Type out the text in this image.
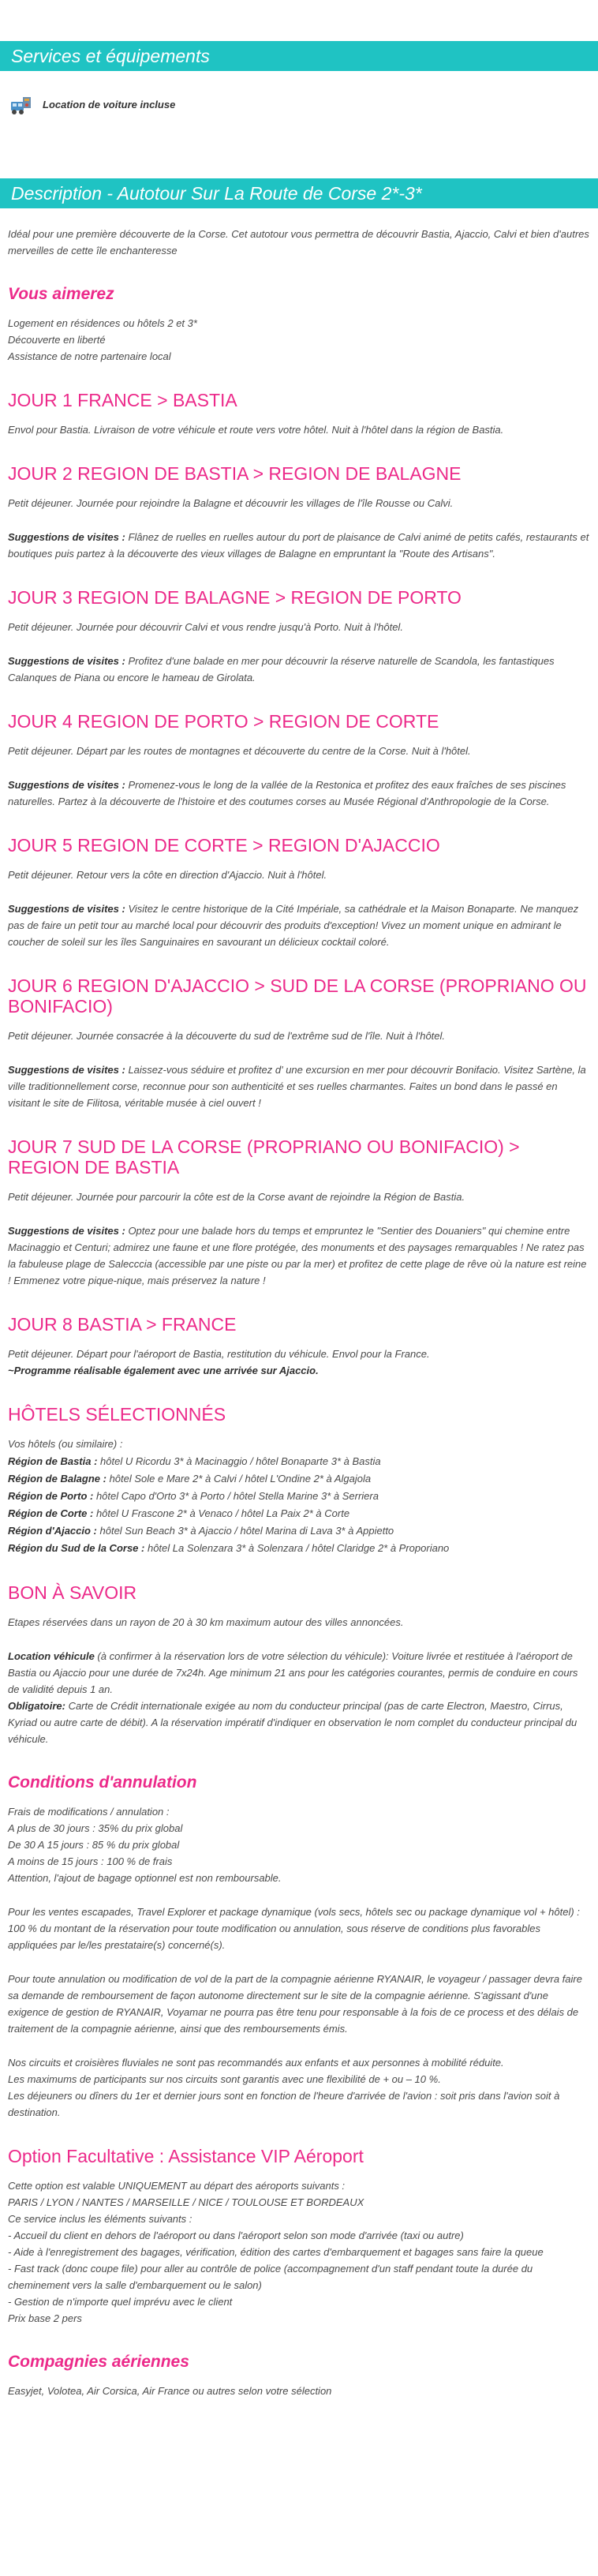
Services et équipements
Location de voiture incluse
Description - Autotour Sur La Route de Corse 2*-3*

Idéal pour une première découverte de la Corse. Cet autotour vous permettra de découvrir Bastia, Ajaccio, Calvi et bien d'autres merveilles de cette île enchanteresse

Vous aimerez

Logement en résidences ou hôtels 2 et 3*

Découverte en liberté

Assistance de notre partenaire local

JOUR 1 FRANCE > BASTIA

Envol pour Bastia. Livraison de votre véhicule et route vers votre hôtel. Nuit à l'hôtel dans la région de Bastia.

JOUR 2 REGION DE BASTIA > REGION DE BALAGNE

Petit déjeuner. Journée pour rejoindre la Balagne et découvrir les villages de l'île Rousse ou Calvi.

Suggestions de visites : Flânez de ruelles en ruelles autour du port de plaisance de Calvi animé de petits cafés, restaurants et boutiques puis partez à la découverte des vieux villages de Balagne en empruntant la "Route des Artisans".

JOUR 3 REGION DE BALAGNE > REGION DE PORTO

Petit déjeuner. Journée pour découvrir Calvi et vous rendre jusqu'à Porto. Nuit à l'hôtel.

Suggestions de visites : Profitez d'une balade en mer pour découvrir la réserve naturelle de Scandola, les fantastiques Calanques de Piana ou encore le hameau de Girolata.

JOUR 4 REGION DE PORTO > REGION DE CORTE

Petit déjeuner. Départ par les routes de montagnes et découverte du centre de la Corse. Nuit à l'hôtel.

Suggestions de visites : Promenez-vous le long de la vallée de la Restonica et profitez des eaux fraîches de ses piscines naturelles. Partez à la découverte de l'histoire et des coutumes corses au Musée Régional d'Anthropologie de la Corse.

JOUR 5 REGION DE CORTE > REGION D'AJACCIO

Petit déjeuner. Retour vers la côte en direction d'Ajaccio. Nuit à l'hôtel.

Suggestions de visites : Visitez le centre historique de la Cité Impériale, sa cathédrale et la Maison Bonaparte. Ne manquez pas de faire un petit tour au marché local pour découvrir des produits d'exception! Vivez un moment unique en admirant le coucher de soleil sur les îles Sanguinaires en savourant un délicieux cocktail coloré.

JOUR 6 REGION D'AJACCIO > SUD DE LA CORSE (PROPRIANO OU BONIFACIO)

Petit déjeuner. Journée consacrée à la découverte du sud de l'extrême sud de l'île. Nuit à l'hôtel.

Suggestions de visites : Laissez-vous séduire et profitez d' une excursion en mer pour découvrir Bonifacio. Visitez Sartène, la ville traditionnellement corse, reconnue pour son authenticité et ses ruelles charmantes. Faites un bond dans le passé en visitant le site de Filitosa, véritable musée à ciel ouvert !

JOUR 7 SUD DE LA CORSE (PROPRIANO OU BONIFACIO) > REGION DE BASTIA

Petit déjeuner. Journée pour parcourir la côte est de la Corse avant de rejoindre la Région de Bastia.

Suggestions de visites : Optez pour une balade hors du temps et empruntez le "Sentier des Douaniers" qui chemine entre Macinaggio et Centuri; admirez une faune et une flore protégée, des monuments et des paysages remarquables ! Ne ratez pas la fabuleuse plage de Salecccia (accessible par une piste ou par la mer) et profitez de cette plage de rêve où la nature est reine ! Emmenez votre pique-nique, mais préservez la nature !

JOUR 8 BASTIA > FRANCE

Petit déjeuner. Départ pour l'aéroport de Bastia, restitution du véhicule. Envol pour la France.

~Programme réalisable également avec une arrivée sur Ajaccio.

HÔTELS SÉLECTIONNÉS

Vos hôtels (ou similaire) :

Région de Bastia : hôtel U Ricordu 3* à Macinaggio / hôtel Bonaparte 3* à Bastia

Région de Balagne : hôtel Sole e Mare 2* à Calvi / hôtel L'Ondine 2* à Algajola

Région de Porto : hôtel Capo d'Orto 3* à Porto / hôtel Stella Marine 3* à Serriera

Région de Corte : hôtel U Frascone 2* à Venaco / hôtel La Paix 2* à Corte

Région d'Ajaccio : hôtel Sun Beach 3* à Ajaccio / hôtel Marina di Lava 3* à Appietto

Région du Sud de la Corse : hôtel La Solenzara 3* à Solenzara / hôtel Claridge 2* à Proporiano

BON À SAVOIR

Etapes réservées dans un rayon de 20 à 30 km maximum autour des villes annoncées.

Location véhicule (à confirmer à la réservation lors de votre sélection du véhicule): Voiture livrée et restituée à l'aéroport de Bastia ou Ajaccio pour une durée de 7x24h. Age minimum 21 ans pour les catégories courantes, permis de conduire en cours de validité depuis 1 an.

Obligatoire: Carte de Crédit internationale exigée au nom du conducteur principal (pas de carte Electron, Maestro, Cirrus, Kyriad ou autre carte de débit). A la réservation impératif d'indiquer en observation le nom complet du conducteur principal du véhicule.

Conditions d'annulation

Frais de modifications / annulation :

A plus de 30 jours : 35% du prix global

De 30 A 15 jours : 85 % du prix global

A moins de 15 jours : 100 % de frais

Attention, l'ajout de bagage optionnel est non remboursable.

Pour les ventes escapades, Travel Explorer et package dynamique (vols secs, hôtels sec ou package dynamique vol + hôtel) : 100 % du montant de la réservation pour toute modification ou annulation, sous réserve de conditions plus favorables appliquées par le/les prestataire(s) concerné(s).

Pour toute annulation ou modification de vol de la part de la compagnie aérienne RYANAIR, le voyageur / passager devra faire sa demande de remboursement de façon autonome directement sur le site de la compagnie aérienne. S'agissant d'une exigence de gestion de RYANAIR, Voyamar ne pourra pas être tenu pour responsable à la fois de ce process et des délais de traitement de la compagnie aérienne, ainsi que des remboursements émis.

Nos circuits et croisières fluviales ne sont pas recommandés aux enfants et aux personnes à mobilité réduite.

Les maximums de participants sur nos circuits sont garantis avec une flexibilité de + ou – 10 %.

Les déjeuners ou dîners du 1er et dernier jours sont en fonction de l'heure d'arrivée de l'avion : soit pris dans l'avion soit à destination.

Option Facultative : Assistance VIP Aéroport

Cette option est valable UNIQUEMENT au départ des aéroports suivants :

PARIS / LYON / NANTES / MARSEILLE / NICE / TOULOUSE ET BORDEAUX

Ce service inclus les éléments suivants :

- Accueil du client en dehors de l'aéroport ou dans l'aéroport selon son mode d'arrivée (taxi ou autre)

- Aide à l'enregistrement des bagages, vérification, édition des cartes d'embarquement et bagages sans faire la queue

- Fast track (donc coupe file) pour aller au contrôle de police (accompagnement d'un staff pendant toute la durée du cheminement vers la salle d'embarquement ou le salon)

- Gestion de n'importe quel imprévu avec le client

Prix base 2 pers

Compagnies aériennes

Easyjet, Volotea, Air Corsica, Air France ou autres selon votre sélection
